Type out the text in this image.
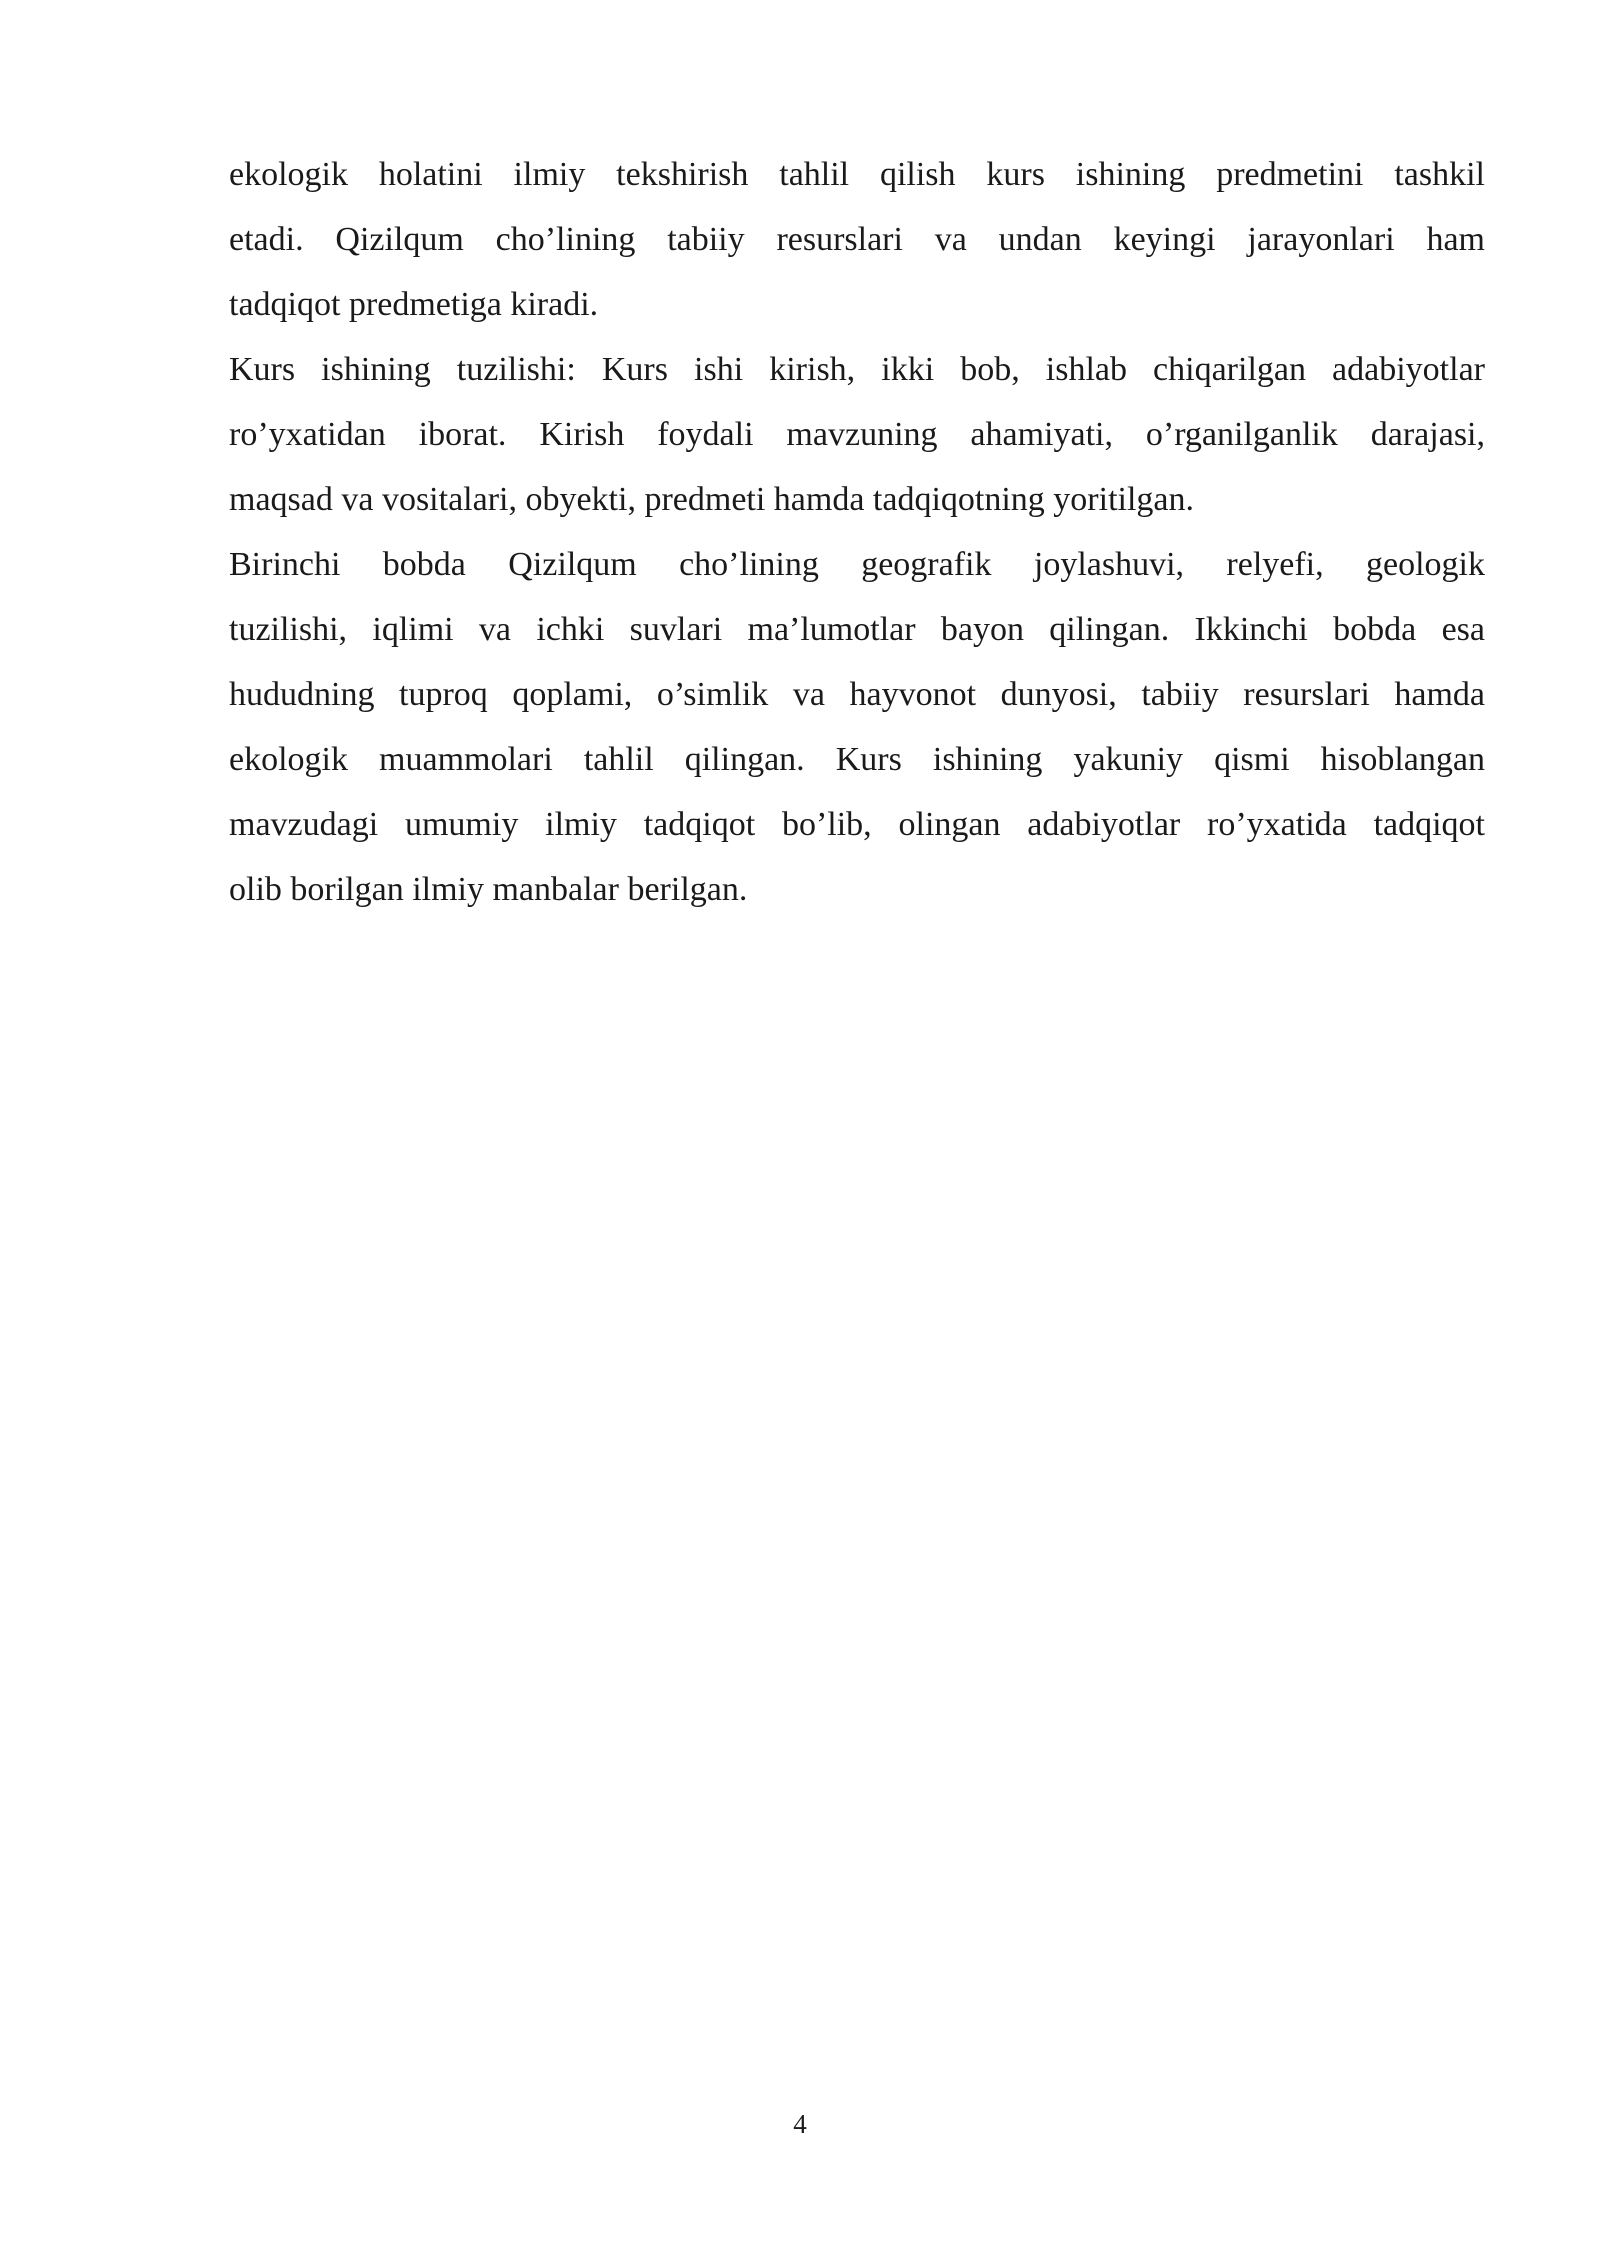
ekologik holatini ilmiy tekshirish tahlil qilish kurs ishining predmetini tashkil
etadi. Qizilqum cho’lining tabiiy resurslari va undan keyingi jarayonlari ham
tadqiqot predmetiga kiradi.
Kurs ishining tuzilishi: Kurs ishi kirish, ikki bob, ishlab chiqarilgan adabiyotlar
ro’yxatidan iborat. Kirish foydali mavzuning ahamiyati, o’rganilganlik darajasi,
maqsad va vositalari, obyekti, predmeti hamda tadqiqotning yoritilgan.
Birinchi bobda Qizilqum cho’lining geografik joylashuvi, relyefi, geologik
tuzilishi, iqlimi va ichki suvlari ma’lumotlar bayon qilingan. Ikkinchi bobda esa
hududning tuproq qoplami, o’simlik va hayvonot dunyosi, tabiiy resurslari hamda
ekologik muammolari tahlil qilingan. Kurs ishining yakuniy qismi hisoblangan
mavzudagi umumiy ilmiy tadqiqot bo’lib, olingan adabiyotlar ro’yxatida tadqiqot
olib borilgan ilmiy manbalar berilgan.
4
